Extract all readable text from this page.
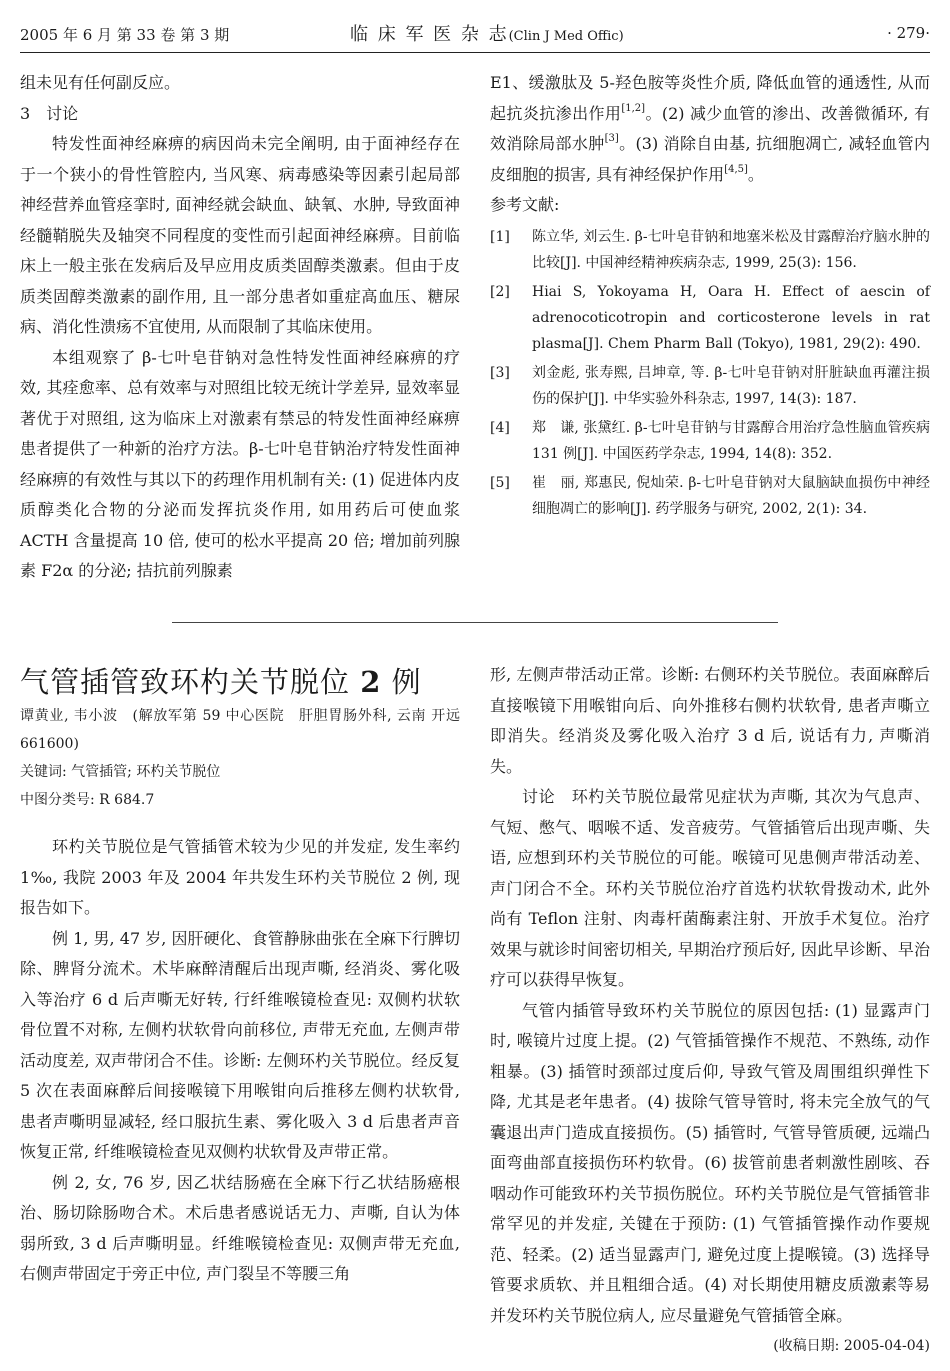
2005 年 6 月 第 33 卷 第 3 期	临 床 军 医 杂 志(Clin J Med Offic)	· 279·

组未见有任何副反应。

3　讨论

特发性面神经麻痹的病因尚未完全阐明, 由于面神经存在于一个狭小的骨性管腔内, 当风寒、病毒感染等因素引起局部神经营养血管痉挛时, 面神经就会缺血、缺氧、水肿, 导致面神经髓鞘脱失及轴突不同程度的变性而引起面神经麻痹。目前临床上一般主张在发病后及早应用皮质类固醇类激素。但由于皮质类固醇类激素的副作用, 且一部分患者如重症高血压、糖尿病、消化性溃疡不宜使用, 从而限制了其临床使用。

本组观察了 β-七叶皂苷钠对急性特发性面神经麻痹的疗效, 其痊愈率、总有效率与对照组比较无统计学差异, 显效率显著优于对照组, 这为临床上对激素有禁忌的特发性面神经麻痹患者提供了一种新的治疗方法。β-七叶皂苷钠治疗特发性面神经麻痹的有效性与其以下的药理作用机制有关: (1) 促进体内皮质醇类化合物的分泌而发挥抗炎作用, 如用药后可使血浆 ACTH 含量提高 10 倍, 使可的松水平提高 20 倍; 增加前列腺素 F2α 的分泌; 拮抗前列腺素

E1、缓激肽及 5-羟色胺等炎性介质, 降低血管的通透性, 从而起抗炎抗渗出作用[1,2]。(2) 减少血管的渗出、改善微循环, 有效消除局部水肿[3]。(3) 消除自由基, 抗细胞凋亡, 减轻血管内皮细胞的损害, 具有神经保护作用[4,5]。

参考文献:

[1] 陈立华, 刘云生. β-七叶皂苷钠和地塞米松及甘露醇治疗脑水肿的比较[J]. 中国神经精神疾病杂志, 1999, 25(3): 156.
[2] Hiai S, Yokoyama H, Oara H. Effect of aescin of adrenocoticotropin and corticosterone levels in rat plasma[J]. Chem Pharm Ball (Tokyo), 1981, 29(2): 490.
[3] 刘金彪, 张寿熙, 吕坤章, 等. β-七叶皂苷钠对肝脏缺血再灌注损伤的保护[J]. 中华实验外科杂志, 1997, 14(3): 187.
[4] 郑　谦, 张黛红. β-七叶皂苷钠与甘露醇合用治疗急性脑血管疾病 131 例[J]. 中国医药学杂志, 1994, 14(8): 352.
[5] 崔　丽, 郑惠民, 倪灿荣. β-七叶皂苷钠对大鼠脑缺血损伤中神经细胞凋亡的影响[J]. 药学服务与研究, 2002, 2(1): 34.
气管插管致环杓关节脱位 2 例

谭黄业, 韦小波　(解放军第 59 中心医院　肝胆胃肠外科, 云南 开远　661600)

关键词: 气管插管; 环杓关节脱位

中图分类号: R 684.7

环杓关节脱位是气管插管术较为少见的并发症, 发生率约 1‰, 我院 2003 年及 2004 年共发生环杓关节脱位 2 例, 现报告如下。

例 1, 男, 47 岁, 因肝硬化、食管静脉曲张在全麻下行脾切除、脾肾分流术。术毕麻醉清醒后出现声嘶, 经消炎、雾化吸入等治疗 6 d 后声嘶无好转, 行纤维喉镜检查见: 双侧杓状软骨位置不对称, 左侧杓状软骨向前移位, 声带无充血, 左侧声带活动度差, 双声带闭合不佳。诊断: 左侧环杓关节脱位。经反复 5 次在表面麻醉后间接喉镜下用喉钳向后推移左侧杓状软骨, 患者声嘶明显减轻, 经口服抗生素、雾化吸入 3 d 后患者声音恢复正常, 纤维喉镜检查见双侧杓状软骨及声带正常。

例 2, 女, 76 岁, 因乙状结肠癌在全麻下行乙状结肠癌根治、肠切除肠吻合术。术后患者感说话无力、声嘶, 自认为体弱所致, 3 d 后声嘶明显。纤维喉镜检查见: 双侧声带无充血, 右侧声带固定于旁正中位, 声门裂呈不等腰三角

形, 左侧声带活动正常。诊断: 右侧环杓关节脱位。表面麻醉后直接喉镜下用喉钳向后、向外推移右侧杓状软骨, 患者声嘶立即消失。经消炎及雾化吸入治疗 3 d 后, 说话有力, 声嘶消失。

讨论　环杓关节脱位最常见症状为声嘶, 其次为气息声、气短、憋气、咽喉不适、发音疲劳。气管插管后出现声嘶、失语, 应想到环杓关节脱位的可能。喉镜可见患侧声带活动差、声门闭合不全。环杓关节脱位治疗首选杓状软骨拨动术, 此外尚有 Teflon 注射、肉毒杆菌酶素注射、开放手术复位。治疗效果与就诊时间密切相关, 早期治疗预后好, 因此早诊断、早治疗可以获得早恢复。

气管内插管导致环杓关节脱位的原因包括: (1) 显露声门时, 喉镜片过度上提。(2) 气管插管操作不规范、不熟练, 动作粗暴。(3) 插管时颈部过度后仰, 导致气管及周围组织弹性下降, 尤其是老年患者。(4) 拔除气管导管时, 将未完全放气的气囊退出声门造成直接损伤。(5) 插管时, 气管导管质硬, 远端凸面弯曲部直接损伤环杓软骨。(6) 拔管前患者刺激性剧咳、吞咽动作可能致环杓关节损伤脱位。环杓关节脱位是气管插管非常罕见的并发症, 关键在于预防: (1) 气管插管操作动作要规范、轻柔。(2) 适当显露声门, 避免过度上提喉镜。(3) 选择导管要求质软、并且粗细合适。(4) 对长期使用糖皮质激素等易并发环杓关节脱位病人, 应尽量避免气管插管全麻。

(收稿日期: 2005-04-04)
